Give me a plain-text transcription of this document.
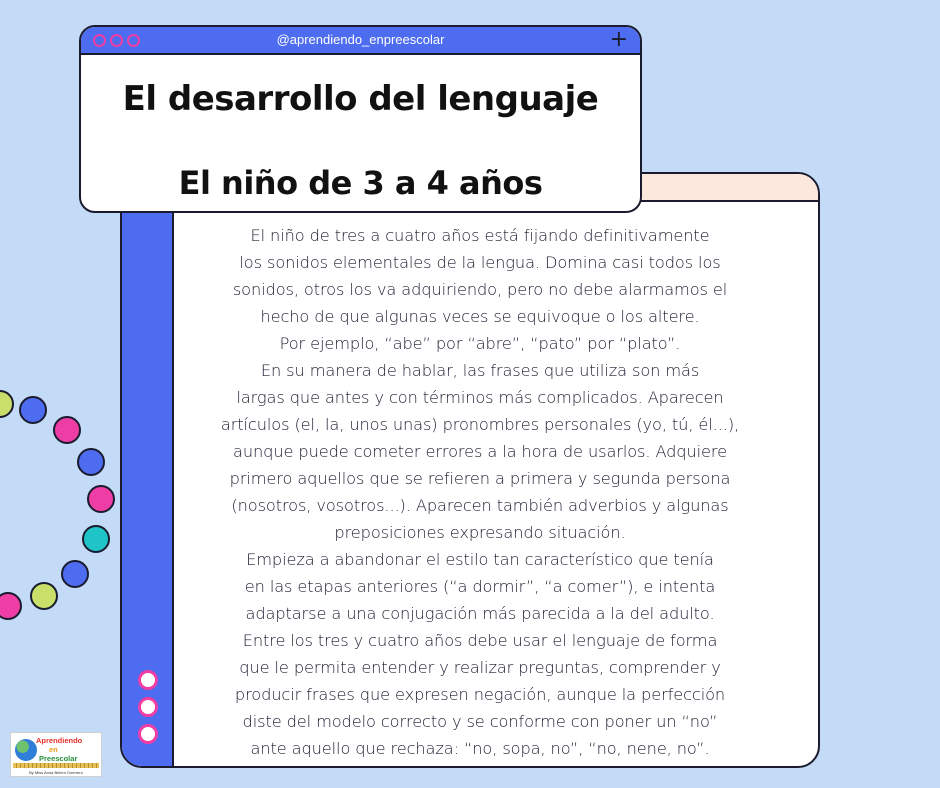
El niño de tres a cuatro años está fijando definitivamente
los sonidos elementales de la lengua. Domina casi todos los
sonidos, otros los va adquiriendo, pero no debe alarmamos el
hecho de que algunas veces se equivoque o los altere.
Por ejemplo, “abe” por “abre”, “pato” por “plato”.
En su manera de hablar, las frases que utiliza son más
largas que antes y con términos más complicados. Aparecen
artículos (el, la, unos unas) pronombres personales (yo, tú, él...),
aunque puede cometer errores a la hora de usarlos. Adquiere
primero aquellos que se refieren a primera y segunda persona
(nosotros, vosotros...). Aparecen también adverbios y algunas
preposiciones expresando situación.
Empieza a abandonar el estilo tan característico que tenía
en las etapas anteriores (“a dormir”, “a comer”), e intenta
adaptarse a una conjugación más parecida a la del adulto.
Entre los tres y cuatro años debe usar el lenguaje de forma
que le permita entender y realizar preguntas, comprender y
producir frases que expresen negación, aunque la perfección
diste del modelo correcto y se conforme con poner un “no”
ante aquello que rechaza: “no, sopa, no”, “no, nene, no”.
@aprendiendo_enpreescolar	+
El desarrollo del lenguaje
El niño de 3 a 4 años
Aprendiendo
en
Preescolar
By Miss Anna Belem Guerrero
